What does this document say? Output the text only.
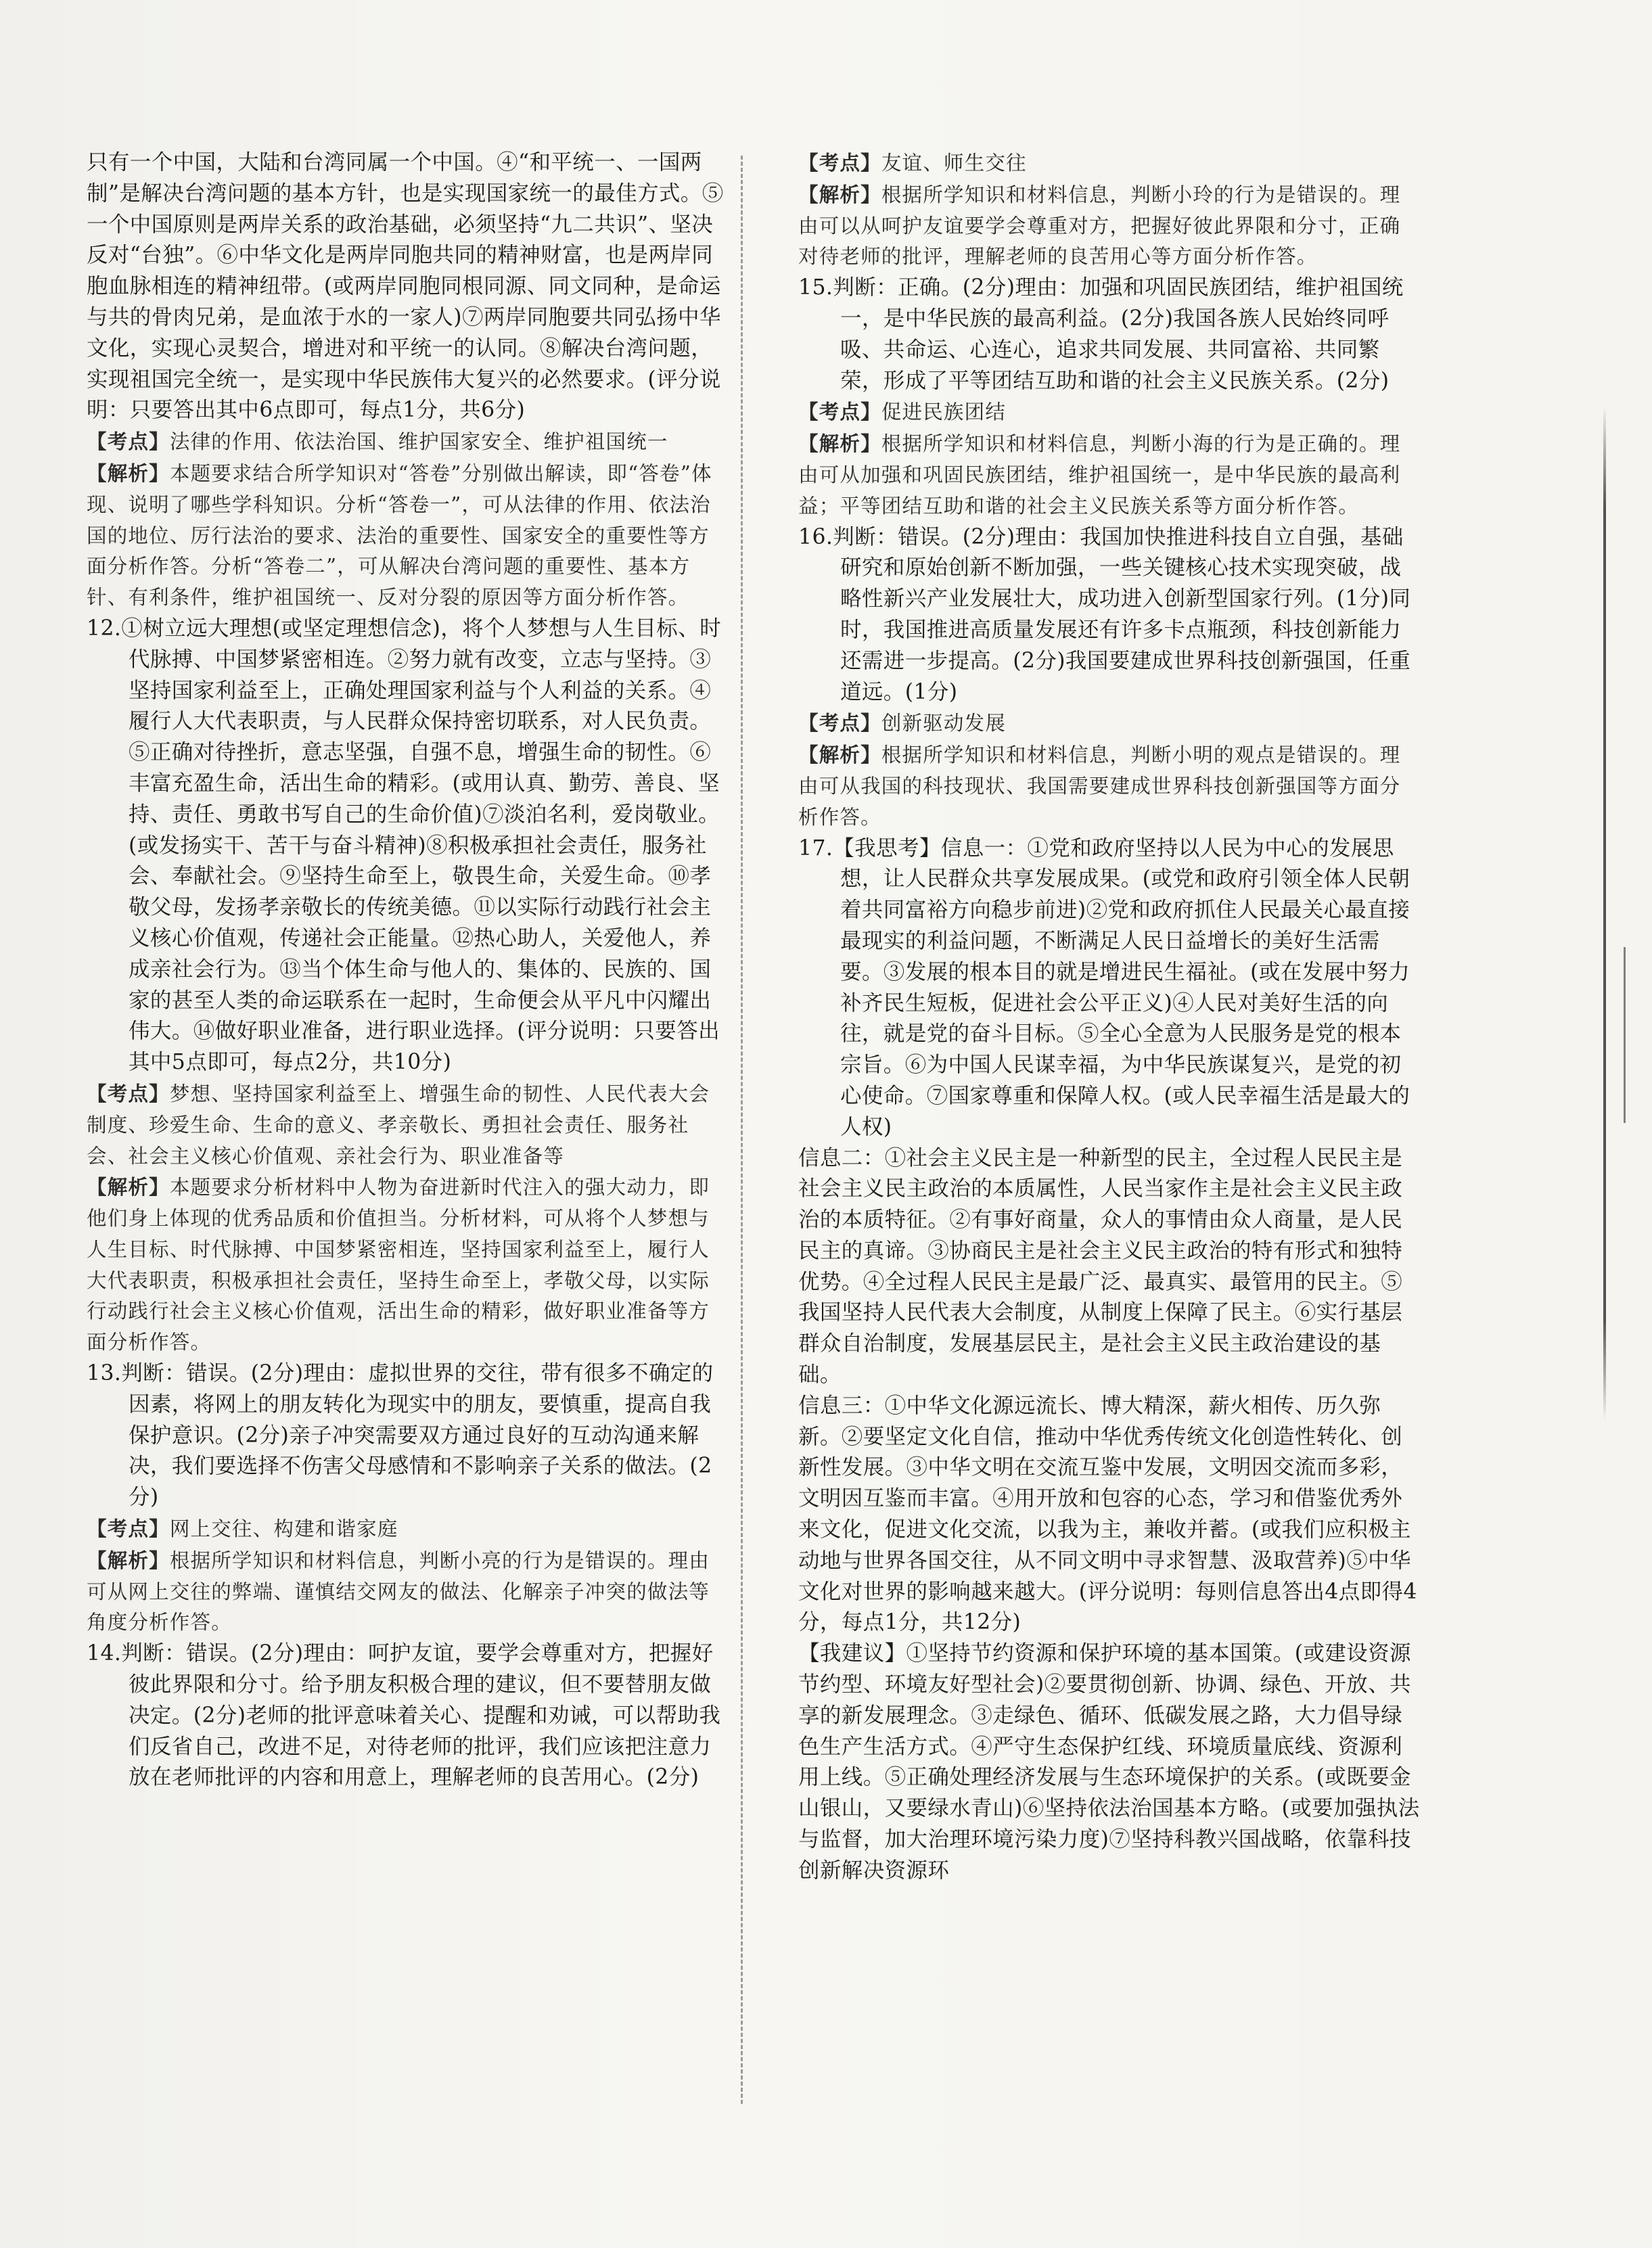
只有一个中国，大陆和台湾同属一个中国。④“和平统一、一国两制”是解决台湾问题的基本方针，也是实现国家统一的最佳方式。⑤一个中国原则是两岸关系的政治基础，必须坚持“九二共识”、坚决反对“台独”。⑥中华文化是两岸同胞共同的精神财富，也是两岸同胞血脉相连的精神纽带。(或两岸同胞同根同源、同文同种，是命运与共的骨肉兄弟，是血浓于水的一家人)⑦两岸同胞要共同弘扬中华文化，实现心灵契合，增进对和平统一的认同。⑧解决台湾问题，实现祖国完全统一，是实现中华民族伟大复兴的必然要求。(评分说明：只要答出其中6点即可，每点1分，共6分)

【考点】法律的作用、依法治国、维护国家安全、维护祖国统一

【解析】本题要求结合所学知识对“答卷”分别做出解读，即“答卷”体现、说明了哪些学科知识。分析“答卷一”，可从法律的作用、依法治国的地位、厉行法治的要求、法治的重要性、国家安全的重要性等方面分析作答。分析“答卷二”，可从解决台湾问题的重要性、基本方针、有利条件，维护祖国统一、反对分裂的原因等方面分析作答。

12.①树立远大理想(或坚定理想信念)，将个人梦想与人生目标、时代脉搏、中国梦紧密相连。②努力就有改变，立志与坚持。③坚持国家利益至上，正确处理国家利益与个人利益的关系。④履行人大代表职责，与人民群众保持密切联系，对人民负责。⑤正确对待挫折，意志坚强，自强不息，增强生命的韧性。⑥丰富充盈生命，活出生命的精彩。(或用认真、勤劳、善良、坚持、责任、勇敢书写自己的生命价值)⑦淡泊名利，爱岗敬业。(或发扬实干、苦干与奋斗精神)⑧积极承担社会责任，服务社会、奉献社会。⑨坚持生命至上，敬畏生命，关爱生命。⑩孝敬父母，发扬孝亲敬长的传统美德。⑪以实际行动践行社会主义核心价值观，传递社会正能量。⑫热心助人，关爱他人，养成亲社会行为。⑬当个体生命与他人的、集体的、民族的、国家的甚至人类的命运联系在一起时，生命便会从平凡中闪耀出伟大。⑭做好职业准备，进行职业选择。(评分说明：只要答出其中5点即可，每点2分，共10分)

【考点】梦想、坚持国家利益至上、增强生命的韧性、人民代表大会制度、珍爱生命、生命的意义、孝亲敬长、勇担社会责任、服务社会、社会主义核心价值观、亲社会行为、职业准备等

【解析】本题要求分析材料中人物为奋进新时代注入的强大动力，即他们身上体现的优秀品质和价值担当。分析材料，可从将个人梦想与人生目标、时代脉搏、中国梦紧密相连，坚持国家利益至上，履行人大代表职责，积极承担社会责任，坚持生命至上，孝敬父母，以实际行动践行社会主义核心价值观，活出生命的精彩，做好职业准备等方面分析作答。

13.判断：错误。(2分)理由：虚拟世界的交往，带有很多不确定的因素，将网上的朋友转化为现实中的朋友，要慎重，提高自我保护意识。(2分)亲子冲突需要双方通过良好的互动沟通来解决，我们要选择不伤害父母感情和不影响亲子关系的做法。(2分)

【考点】网上交往、构建和谐家庭

【解析】根据所学知识和材料信息，判断小亮的行为是错误的。理由可从网上交往的弊端、谨慎结交网友的做法、化解亲子冲突的做法等角度分析作答。

14.判断：错误。(2分)理由：呵护友谊，要学会尊重对方，把握好彼此界限和分寸。给予朋友积极合理的建议，但不要替朋友做决定。(2分)老师的批评意味着关心、提醒和劝诫，可以帮助我们反省自己，改进不足，对待老师的批评，我们应该把注意力放在老师批评的内容和用意上，理解老师的良苦用心。(2分)

【考点】友谊、师生交往

【解析】根据所学知识和材料信息，判断小玲的行为是错误的。理由可以从呵护友谊要学会尊重对方，把握好彼此界限和分寸，正确对待老师的批评，理解老师的良苦用心等方面分析作答。

15.判断：正确。(2分)理由：加强和巩固民族团结，维护祖国统一，是中华民族的最高利益。(2分)我国各族人民始终同呼吸、共命运、心连心，追求共同发展、共同富裕、共同繁荣，形成了平等团结互助和谐的社会主义民族关系。(2分)

【考点】促进民族团结

【解析】根据所学知识和材料信息，判断小海的行为是正确的。理由可从加强和巩固民族团结，维护祖国统一，是中华民族的最高利益；平等团结互助和谐的社会主义民族关系等方面分析作答。

16.判断：错误。(2分)理由：我国加快推进科技自立自强，基础研究和原始创新不断加强，一些关键核心技术实现突破，战略性新兴产业发展壮大，成功进入创新型国家行列。(1分)同时，我国推进高质量发展还有许多卡点瓶颈，科技创新能力还需进一步提高。(2分)我国要建成世界科技创新强国，任重道远。(1分)

【考点】创新驱动发展

【解析】根据所学知识和材料信息，判断小明的观点是错误的。理由可从我国的科技现状、我国需要建成世界科技创新强国等方面分析作答。

17.【我思考】信息一：①党和政府坚持以人民为中心的发展思想，让人民群众共享发展成果。(或党和政府引领全体人民朝着共同富裕方向稳步前进)②党和政府抓住人民最关心最直接最现实的利益问题，不断满足人民日益增长的美好生活需要。③发展的根本目的就是增进民生福祉。(或在发展中努力补齐民生短板，促进社会公平正义)④人民对美好生活的向往，就是党的奋斗目标。⑤全心全意为人民服务是党的根本宗旨。⑥为中国人民谋幸福，为中华民族谋复兴，是党的初心使命。⑦国家尊重和保障人权。(或人民幸福生活是最大的人权)

信息二：①社会主义民主是一种新型的民主，全过程人民民主是社会主义民主政治的本质属性，人民当家作主是社会主义民主政治的本质特征。②有事好商量，众人的事情由众人商量，是人民民主的真谛。③协商民主是社会主义民主政治的特有形式和独特优势。④全过程人民民主是最广泛、最真实、最管用的民主。⑤我国坚持人民代表大会制度，从制度上保障了民主。⑥实行基层群众自治制度，发展基层民主，是社会主义民主政治建设的基础。

信息三：①中华文化源远流长、博大精深，薪火相传、历久弥新。②要坚定文化自信，推动中华优秀传统文化创造性转化、创新性发展。③中华文明在交流互鉴中发展，文明因交流而多彩，文明因互鉴而丰富。④用开放和包容的心态，学习和借鉴优秀外来文化，促进文化交流，以我为主，兼收并蓄。(或我们应积极主动地与世界各国交往，从不同文明中寻求智慧、汲取营养)⑤中华文化对世界的影响越来越大。(评分说明：每则信息答出4点即得4分，每点1分，共12分)

【我建议】①坚持节约资源和保护环境的基本国策。(或建设资源节约型、环境友好型社会)②要贯彻创新、协调、绿色、开放、共享的新发展理念。③走绿色、循环、低碳发展之路，大力倡导绿色生产生活方式。④严守生态保护红线、环境质量底线、资源利用上线。⑤正确处理经济发展与生态环境保护的关系。(或既要金山银山，又要绿水青山)⑥坚持依法治国基本方略。(或要加强执法与监督，加大治理环境污染力度)⑦坚持科教兴国战略，依靠科技创新解决资源环
